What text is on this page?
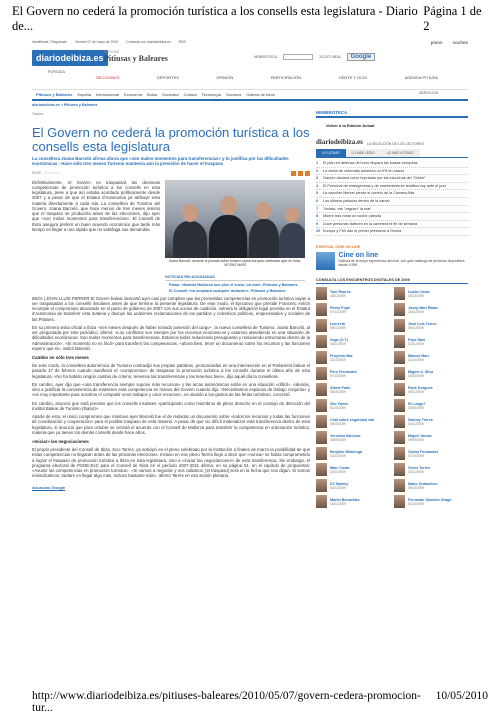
El Govern no cederá la promoción turística a los consells esta legislatura - Diario de...
Página 1 de 2
Identificate / Regístrate Viernes 07 de mayo de 2010 Contacte con diariodeibiza.es RSS	pisos coches
diariodeibiza.es
NOTICIAS
Pitiusas y Baleares	HEMEROTECA	20-33°C IBIZA	Google
PORTADA
SECCIONES	DEPORTES	OPINIÓN	PARTICIPACIÓN	GENTE Y OCIO	AGENDA PITIUSA
SERVICIOS
Pitiuses y Baleares España Internacional Economía Bolsa Sociedad Cultura Tecnología Sucesos Galería de fotos
diariodeibiza.es » Pitiuses y Baleares
Turismo
El Govern no cederá la promoción turística a los consells esta legislatura
La consellera Joana Barceló afirma ahora que «son malos momentos para transferencias» y lo justifica por las dificultades económicas - Hace sólo tres meses Turismo mantenía aún la previsión de hacer el traspaso
09:09 ☆☆☆☆☆
Definitivamente, el Govern no traspasará las decisivas competencias de promoción turística a los consells en esta legislatura, pese a que así estaba acordado políticamente desde 2007 y a pesar de que el Estatut d'Autonomia ya atribuye esta materia directamente a cada isla. La consellera de Turismo del Govern, Joana Barceló, que hace menos de tres meses insistió que el traspaso se produciría antes de las elecciones, dijo ayer que «son malos momentos para transferencias». El Consell de Ibiza asegura preferir un buen acuerdo económico que tarde más tiempo en llegar a uno rápido que no satisfaga sus demandas.
Joana Barceló, durante la jornada sobre turismo social europeo celebrada ayer en Ibiza. VICENT MARÍ
NOTICIAS RELACIONADAS
Palau: «Montar Mallorca nos pise el suelo, irá mal». Pitiusas y Baleares
El Consell «no aceptará cualquier dotación». Pitiusas y Baleares
IBIZA | JOAN LLUÍS FERRER El Govern balear descartó ayer casi por completo que las prometidas competencias en promoción turística vayan a ser traspasadas a los consells insulares antes de que termine la presente legislatura. De este modo, el Ejecutivo que preside Francesc Antich incumple el compromiso alcanzado en el pacto de gobierno de 2007 con sus socios de coalición, vulnera la obligación legal prevista en el Estatut d'Autonomia de transferir esta materia y desoye las unánimes reclamaciones de los partidos y colectivos políticos, empresariales y sociales de las Pitiüses.
En su primera visita oficial a Ibiza –tres meses después de haber tomado posesión del cargo–, la nueva consellera de Turismo, Joana Barceló, al ser preguntada por este periódico, afirmó: «Los conflictos son siempre por los recursos económicos y estamos atendiendo en una situación de dificultades económicas. Son malos momentos para transferencias. Estamos todos reduciendo presupuesto y reduciendo estructuras dentro de la Administración». «El momento no es fácil» para transferir las competencias, «ahora bien, tener un documento sobre los recursos y las funciones espero que sí», indicó Barceló.
Cambio en sólo tres meses
De este modo, la consellera autonómica de Turismo contradijo sus propias palabras, pronunciadas en una intervención en el Parlament balear el pasado 17 de febrero cuando manifestó el «compromiso» de traspasar la promoción turística a los consells durante el último año de esta legislatura. «No ha habido ningún cambio de criterio; tenemos las transferencias y las tenemos bien», dijo aquél día la consellera.
En cambio, ayer dijo que «una transferencia siempre supone más recursos» y las arcas autonómicas están en una situación «difícil». Además, vino a justificar la conveniencia de mantener esta competencia en manos del Govern cuando dijo: «Necesitamos espacios de trabajo conjunto» y «es muy importante para nosotros el compartir unos trabajos y unos recursos», en alusión a los gastos de las ferias turísticas, concretó.
En cambio, anunció que está previsto que los consells insulares «participarán como miembros de pleno derecho en el consejo de dirección del Institut Balear de Turismo (Ibatur)».
Aparte de esto, el único compromiso que mantuvo ayer Barceló fue el de redactar un documento sobre «todos los recursos y todas las funciones de coordinación y cooperación» para el posible traspaso de esta materia. A pesar de que vio difícil materializar esta transferencia dentro de esta legislatura, sí anunció que para octubre se cerrará el acuerdo con el Consell de Mallorca para transferir la competencia en ordenación turística, materia que ya tienen los demás consells desde hace años.
«Iniciar» las negociaciones
El propio presidente del Consell de Ibiza, Xico Tarrés, ya anticipó en el pleno celebrado por la institución a finales de marzo la posibilidad de que estas competencias no llegaran antes de las próximas elecciones. Incluso en ese pleno Tarrés llegó a decir que «nunca» se había comprometido a lograr el traspaso de promoción turística a Ibiza en esta legislatura, sino a «iniciar las negociaciones» de esta transferencia. Sin embargo, el programa electoral de PSOE-ExC para el Consell de Ibiza en el período 2007-2011 afirma, en su página 51, en el capítulo de propuestas: «Asumir las competencias en promoción turística». «Sí vamos a negociar y nos callamos, [el traspaso] será en la fecha que nos digan. Si somos reivindicativos, tardaré en llegar algo más, incluso bastante más», afirmó Tarrés en esa sesión plenaria.
Anuncios Google
HEMEROTECA
Volver a la Edición Actual
diariodeibiza.es LA SELECCIÓN DE LOS LECTORES
LO ÚLTIMO	LO MÁS LEÍDO	LO MÁS VOTADO
1	El plan en defensa del euro dispara las bolsas europeas
2	La venta de viviendas aumenta un 9% en marzo
3	Garzón declara como imputado por las escuchas del "Gürtel"
4	El Personal de emergencias y de mantenimiento testifica hoy ante el juez
5	La canciller Merkel pierde el control de la Cámara Alta
6	Los últimos palacios dentro de la cárcel
7	'Vudalo, me "caguen" la mar'
8	Muere tras robar un coche patrulla
9	Doce personas fallecen en la carretera el fin de semana
10 Europa y FMI dan el primer préstamo a Grecia
ESPECIAL CINE ON LINE
Cine on line
Disfruta de la mejor experiencia del cine, con gran catálogo de películas disponibles desde 9,99€.
CONSULTA LOS ENCUENTROS DIGITALES DE 2009
Toni Roures
18/12/2009
Lucila Costa
15/12/2009
Pedro Pujol
07/12/2009
Josep Mari Ribas
18/11/2009
Lucrecia
09/12/2009
José Luis Torres
09/11/2009
Vega (O.T.)
16/11/2009
Pepe Marí
02/11/2009
Proyecto Mar
11/12/2009
Manuel Marí
21/10/2009
Pere Fernández
07/10/2009
Miguel A. Silva
16/10/2009
Albert Prats
05/10/2009
Rock Gorgues
09/11/2009
Silo Tarrés
01/10/2009
El Lungo?
16/09/2009
Chat sobre seguridad vial
09/10/2009
Sammy Torres
03/11/2009
Verónica Sánchez
25/09/2009
Miquel Jaume
09/09/2009
Benjamí Villalonga
10/11/2009
Carlos Fernández
17/10/2009
Marc Costa
22/11/2009
Víctor Torres
02/11/2009
DJ Sammy
02/12/2009
Mario Ordaucheu
09/12/2009
Martín Benavidez
16/12/2009
Fernando Sánchez Dragó
01/10/2009
http://www.diariodeibiza.es/pitiuses-baleares/2010/05/07/govern-cedera-promocion-tur...
10/05/2010
